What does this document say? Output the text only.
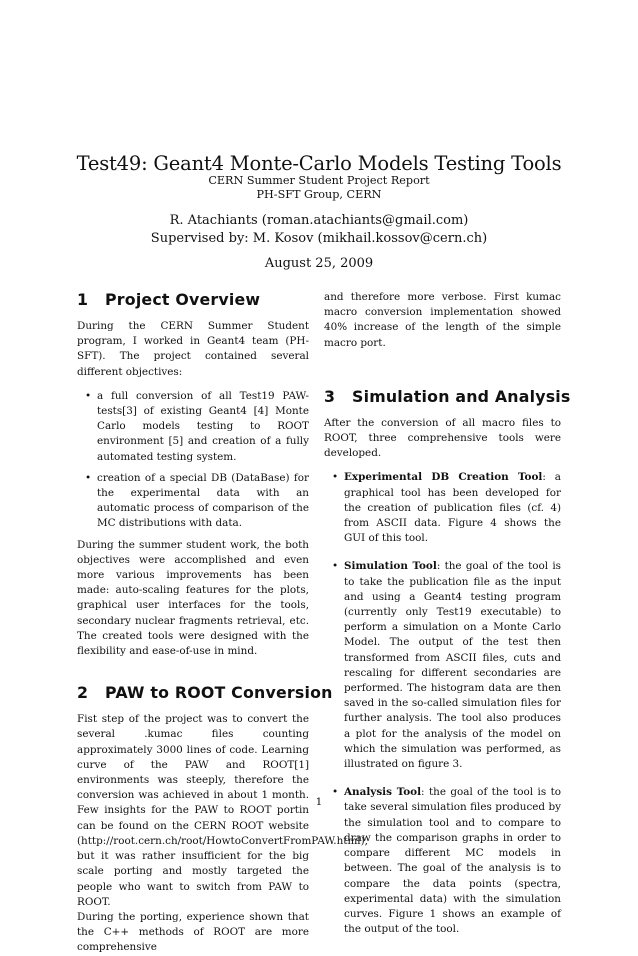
Test49: Geant4 Monte-Carlo Models Testing Tools
CERN Summer Student Project Report
PH-SFT Group, CERN
R. Atachiants (roman.atachiants@gmail.com)
Supervised by: M. Kosov (mikhail.kossov@cern.ch)
August 25, 2009
1 Project Overview

During the CERN Summer Student program, I worked in Geant4 team (PH-SFT). The project contained several different objectives:

• a full conversion of all Test19 PAW-tests[3] of existing Geant4 [4] Monte Carlo models testing to ROOT environment [5] and creation of a fully automated testing system.
• creation of a special DB (DataBase) for the experimental data with an automatic process of comparison of the MC distributions with data.

During the summer student work, the both objectives were accomplished and even more various improvements has been made: auto-scaling features for the plots, graphical user interfaces for the tools, secondary nuclear fragments retrieval, etc. The created tools were designed with the flexibility and ease-of-use in mind.

2 PAW to ROOT Conversion

Fist step of the project was to convert the several .kumac files counting approximately 3000 lines of code. Learning curve of the PAW and ROOT[1] environments was steeply, therefore the conversion was achieved in about 1 month. Few insights for the PAW to ROOT portin can be found on the CERN ROOT website (http://root.cern.ch/root/HowtoConvertFromPAW.html), but it was rather insufficient for the big scale porting and mostly targeted the people who want to switch from PAW to ROOT.

During the porting, experience shown that the C++ methods of ROOT are more comprehensive

and therefore more verbose. First kumac macro conversion implementation showed 40% increase of the length of the simple macro port.

3 Simulation and Analysis

After the conversion of all macro files to ROOT, three comprehensive tools were developed.

• Experimental DB Creation Tool: a graphical tool has been developed for the creation of publication files (cf. 4) from ASCII data. Figure 4 shows the GUI of this tool.
• Simulation Tool: the goal of the tool is to take the publication file as the input and using a Geant4 testing program (currently only Test19 executable) to perform a simulation on a Monte Carlo Model. The output of the test then transformed from ASCII files, cuts and rescaling for different secondaries are performed. The histogram data are then saved in the so-called simulation files for further analysis. The tool also produces a plot for the analysis of the model on which the simulation was performed, as illustrated on figure 3.
• Analysis Tool: the goal of the tool is to take several simulation files produced by the simulation tool and to compare to draw the comparison graphs in order to compare different MC models in between. The goal of the analysis is to compare the data points (spectra, experimental data) with the simulation curves. Figure 1 shows an example of the output of the tool.
1
